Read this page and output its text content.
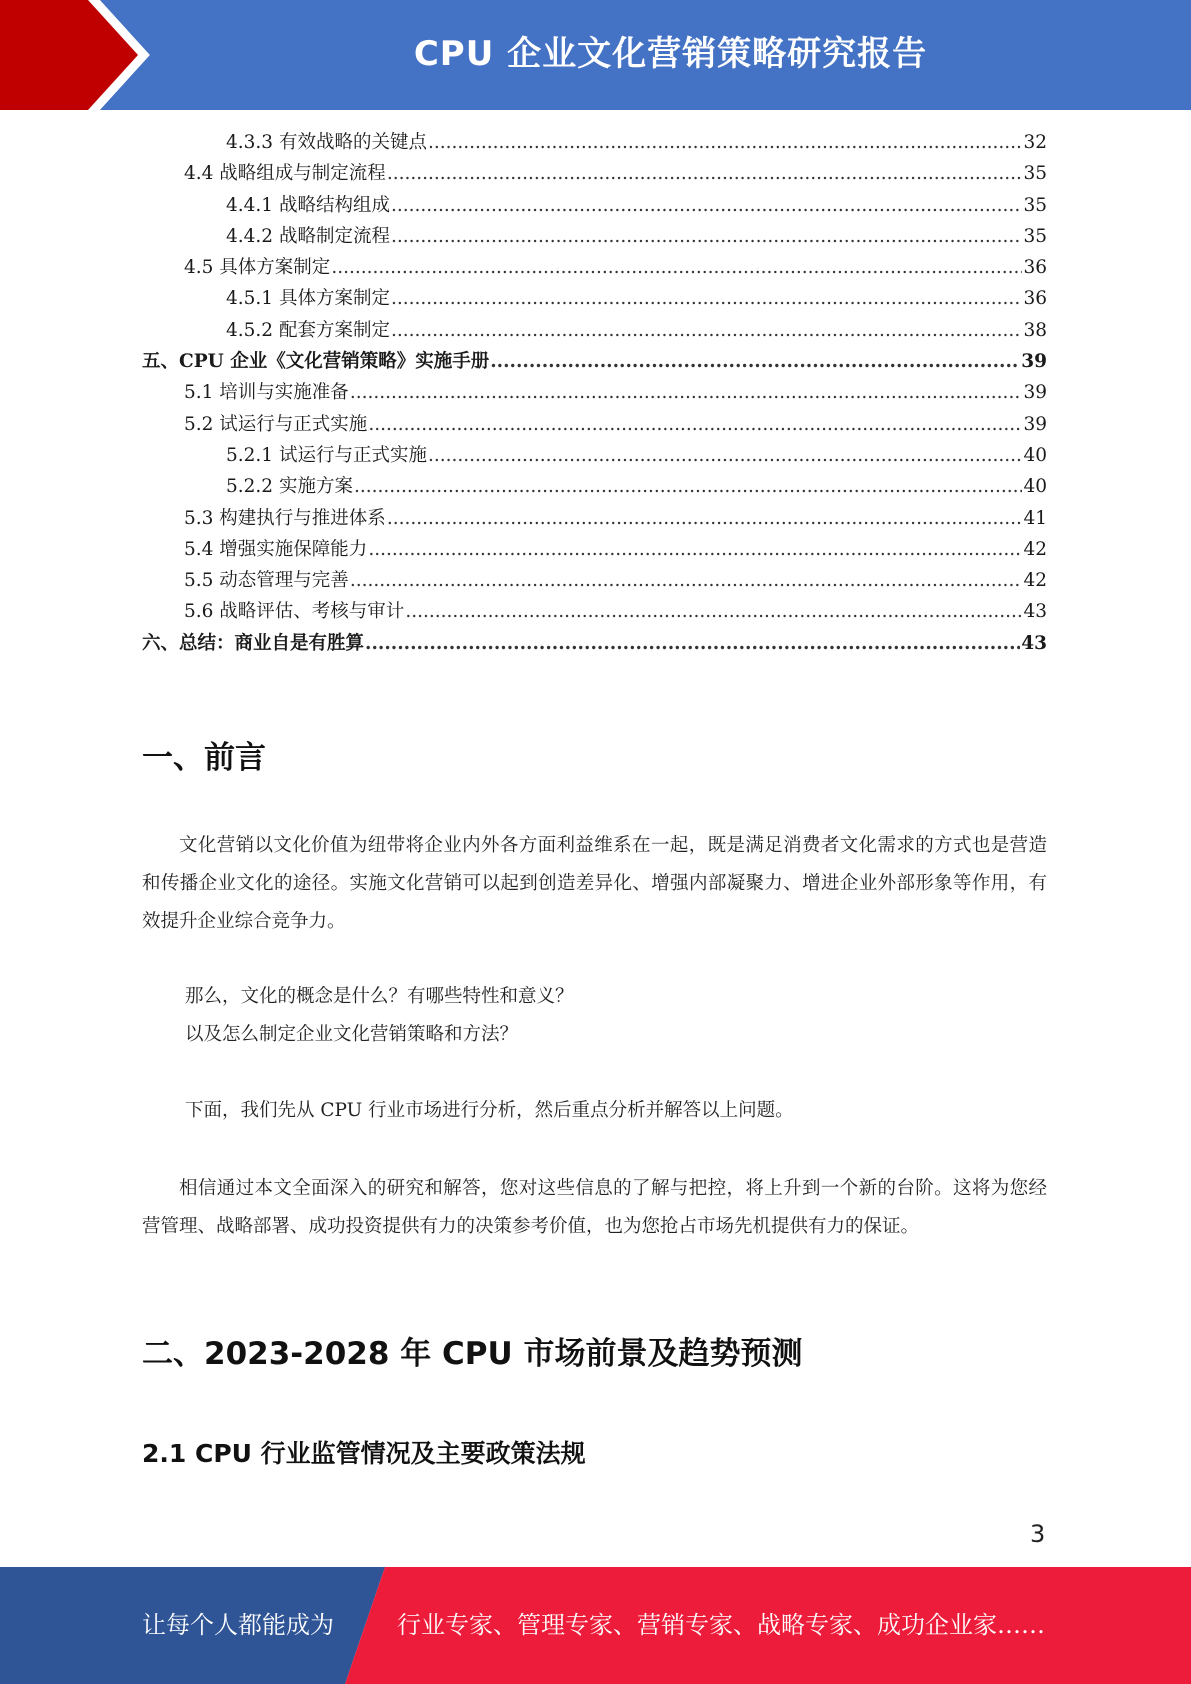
CPU 企业文化营销策略研究报告
4.3.3 有效战略的关键点 .....	32
4.4 战略组成与制定流程 .....	35
4.4.1 战略结构组成 .....	35
4.4.2 战略制定流程 .....	35
4.5 具体方案制定 .....	36
4.5.1 具体方案制定 .....	36
4.5.2 配套方案制定 .....	38
五、CPU 企业《文化营销策略》实施手册 .....	39
5.1 培训与实施准备 .....	39
5.2 试运行与正式实施 .....	39
5.2.1 试运行与正式实施 .....	40
5.2.2 实施方案 .....	40
5.3 构建执行与推进体系 .....	41
5.4 增强实施保障能力 .....	42
5.5 动态管理与完善 .....	42
5.6 战略评估、考核与审计 .....	43
六、总结：商业自是有胜算 .....	43
一、前言

文化营销以文化价值为纽带将企业内外各方面利益维系在一起，既是满足消费者文化需求的方式也是营造和传播企业文化的途径。实施文化营销可以起到创造差异化、增强内部凝聚力、增进企业外部形象等作用，有效提升企业综合竞争力。

那么，文化的概念是什么？有哪些特性和意义？

以及怎么制定企业文化营销策略和方法？

下面，我们先从 CPU 行业市场进行分析，然后重点分析并解答以上问题。

相信通过本文全面深入的研究和解答，您对这些信息的了解与把控，将上升到一个新的台阶。这将为您经营管理、战略部署、成功投资提供有力的决策参考价值，也为您抢占市场先机提供有力的保证。

二、2023-2028 年 CPU 市场前景及趋势预测
2.1 CPU 行业监管情况及主要政策法规
3
让每个人都能成为	行业专家、管理专家、营销专家、战略专家、成功企业家……
